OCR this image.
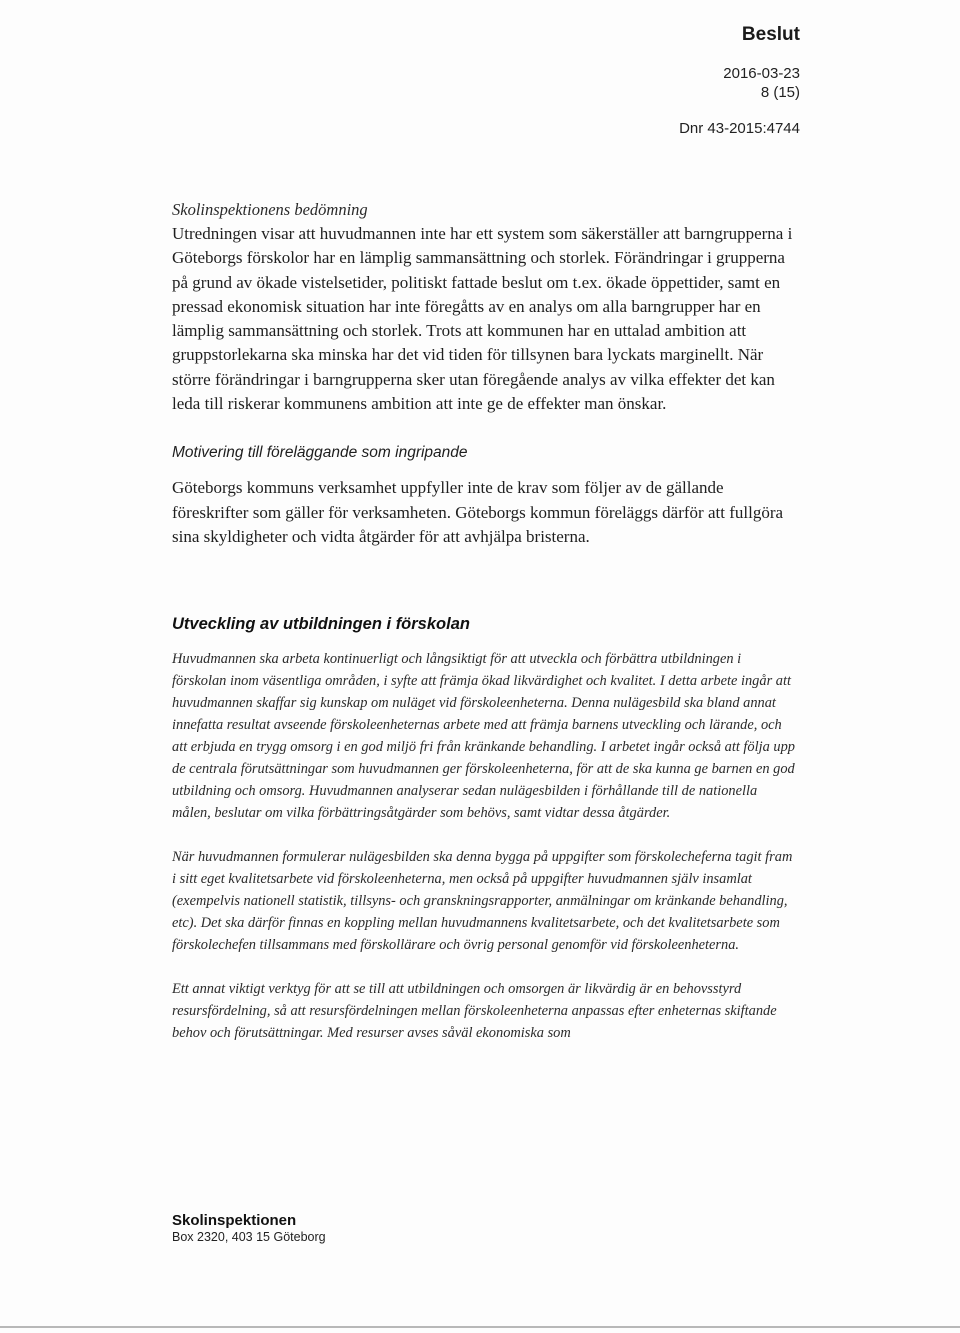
Beslut
2016-03-23
8 (15)
Dnr 43-2015:4744

Skolinspektionens bedömning

Utredningen visar att huvudmannen inte har ett system som säkerställer att barngrupperna i Göteborgs förskolor har en lämplig sammansättning och storlek. Förändringar i grupperna på grund av ökade vistelsetider, politiskt fattade beslut om t.ex. ökade öppettider, samt en pressad ekonomisk situation har inte föregåtts av en analys om alla barngrupper har en lämplig sammansättning och storlek. Trots att kommunen har en uttalad ambition att gruppstorlekarna ska minska har det vid tiden för tillsynen bara lyckats marginellt. När större förändringar i barngrupperna sker utan föregående analys av vilka effekter det kan leda till riskerar kommunens ambition att inte ge de effekter man önskar.

Motivering till föreläggande som ingripande

Göteborgs kommuns verksamhet uppfyller inte de krav som följer av de gällande föreskrifter som gäller för verksamheten. Göteborgs kommun föreläggs därför att fullgöra sina skyldigheter och vidta åtgärder för att avhjälpa bristerna.

Utveckling av utbildningen i förskolan

Huvudmannen ska arbeta kontinuerligt och långsiktigt för att utveckla och förbättra utbildningen i förskolan inom väsentliga områden, i syfte att främja ökad likvärdighet och kvalitet. I detta arbete ingår att huvudmannen skaffar sig kunskap om nuläget vid förskoleenheterna. Denna nulägesbild ska bland annat innefatta resultat avseende förskoleenheternas arbete med att främja barnens utveckling och lärande, och att erbjuda en trygg omsorg i en god miljö fri från kränkande behandling. I arbetet ingår också att följa upp de centrala förutsättningar som huvudmannen ger förskoleenheterna, för att de ska kunna ge barnen en god utbildning och omsorg. Huvudmannen analyserar sedan nulägesbilden i förhållande till de nationella målen, beslutar om vilka förbättringsåtgärder som behövs, samt vidtar dessa åtgärder.

När huvudmannen formulerar nulägesbilden ska denna bygga på uppgifter som förskolecheferna tagit fram i sitt eget kvalitetsarbete vid förskoleenheterna, men också på uppgifter huvudmannen själv insamlat (exempelvis nationell statistik, tillsyns- och granskningsrapporter, anmälningar om kränkande behandling, etc). Det ska därför finnas en koppling mellan huvudmannens kvalitetsarbete, och det kvalitetsarbete som förskolechefen tillsammans med förskollärare och övrig personal genomför vid förskoleenheterna.

Ett annat viktigt verktyg för att se till att utbildningen och omsorgen är likvärdig är en behovsstyrd resursfördelning, så att resursfördelningen mellan förskoleenheterna anpassas efter enheternas skiftande behov och förutsättningar. Med resurser avses såväl ekonomiska som

Skolinspektionen
Box 2320, 403 15 Göteborg
